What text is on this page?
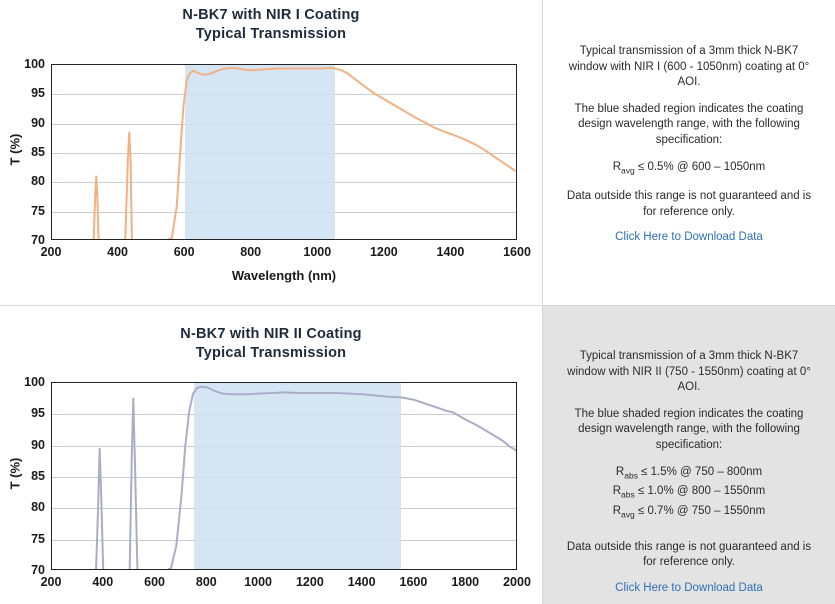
N-BK7 with NIR I Coating
Typical Transmission
70
75
80
85
90
95
100
200	400	600	800	1000	1200	1400	1600
T (%)
Wavelength (nm)

Typical transmission of a 3mm thick N-BK7 window with NIR I (600 - 1050nm) coating at 0° AOI.

The blue shaded region indicates the coating design wavelength range, with the following specification:

$R_{avg} \le 0.5\%$ @ 600 – 1050nm

Data outside this range is not guaranteed and is for reference only.

Click Here to Download Data
N-BK7 with NIR II Coating
Typical Transmission
70
75
80
85
90
95
100
200 400 600 800 1000 1200 1400 1600 1800 2000
T (%)

Typical transmission of a 3mm thick N-BK7 window with NIR II (750 - 1550nm) coating at 0° AOI.

The blue shaded region indicates the coating design wavelength range, with the following specification:

$R_{abs} \le 1.5\%$ @ 750 – 800nm
$R_{abs} \le 1.0\%$ @ 800 – 1550nm
$R_{avg} \le 0.7\%$ @ 750 – 1550nm

Data outside this range is not guaranteed and is for reference only.

Click Here to Download Data
